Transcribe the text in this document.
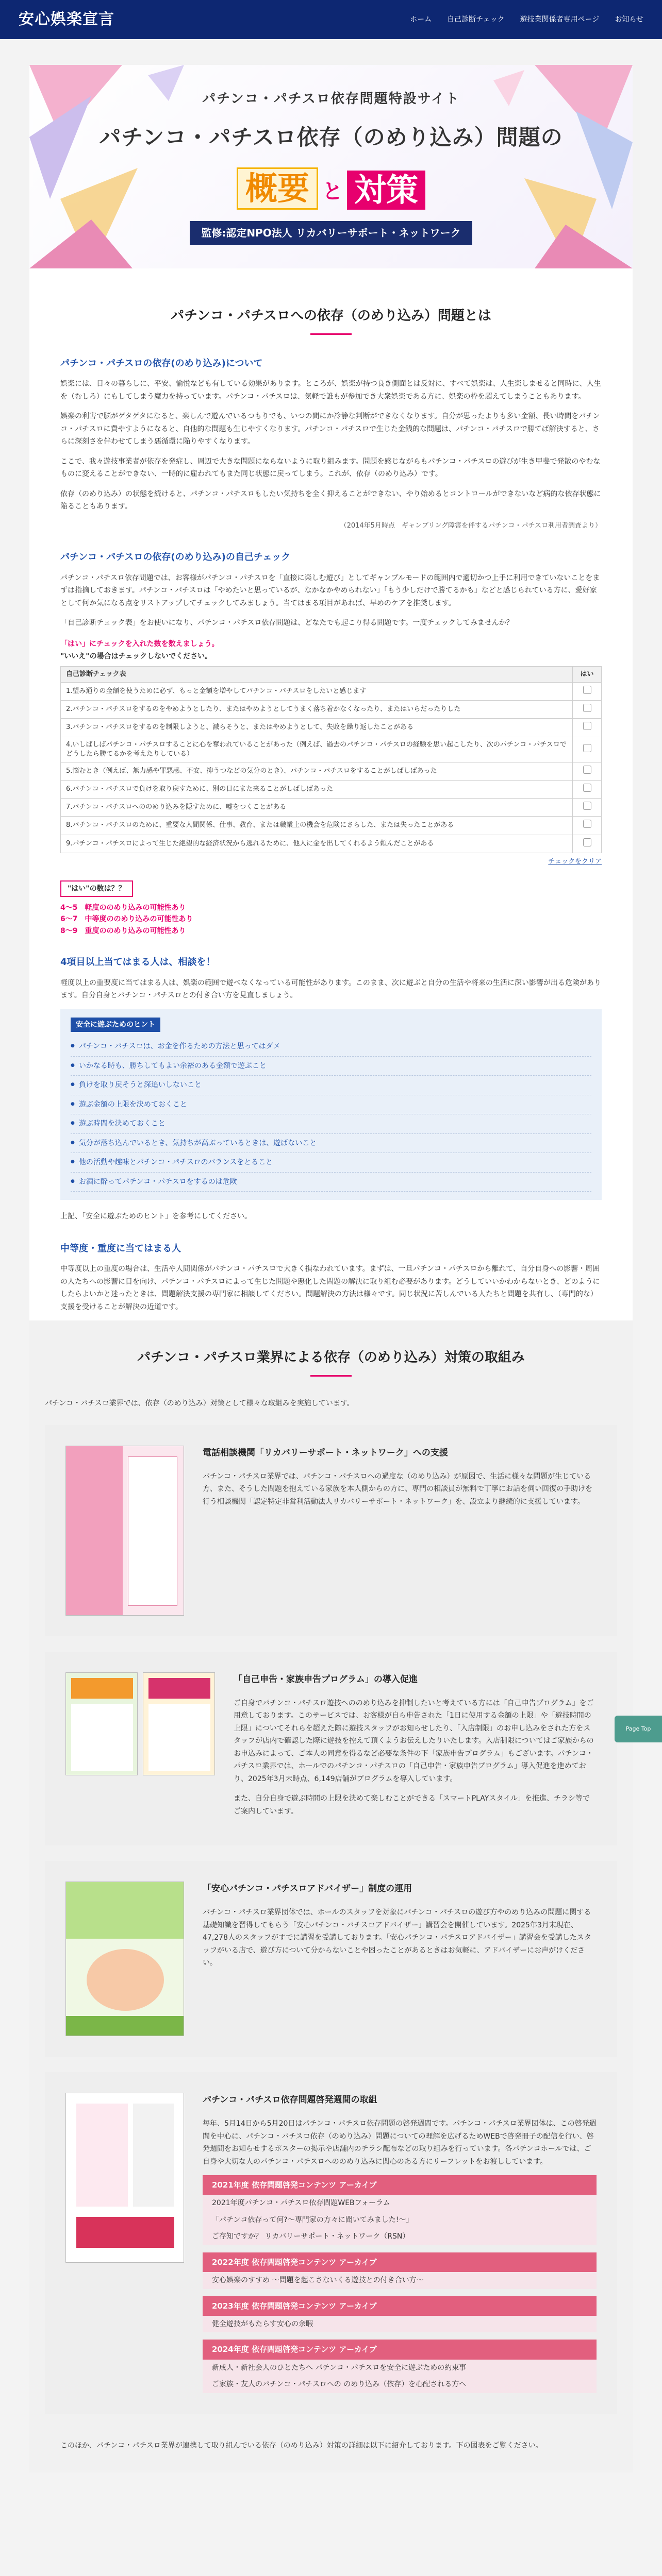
安心娯楽宣言	ホーム 自己診断チェック 遊技業関係者専用ページ お知らせ
パチンコ・パチスロ依存問題特設サイト
パチンコ・パチスロ依存（のめり込み）問題の
概要 と 対策
監修:認定NPO法人 リカバリーサポート・ネットワーク
パチンコ・パチスロへの依存（のめり込み）問題とは
パチンコ・パチスロの依存(のめり込み)について

娯楽には、日々の暮らしに、平安、愉悦なども有している効果があります。ところが、娯楽が持つ良き側面とは反対に、すべて娯楽は、人生楽しませると同時に、人生を（むしろ）にもしてしまう魔力を持っています。パチンコ・パチスロは、気軽で誰もが参加でき大衆娯楽である方に、娯楽の枠を超えてしまうこともあります。

娯楽の利害で脳がゲタゲタになると、楽しんで遊んでいるつもりでも、いつの間にか冷静な判断ができなくなります。自分が思ったよりも多い金額、長い時間をパチンコ・パチスロに費やすようになると、自他的な問題も生じやすくなります。パチンコ・パチスロで生じた金銭的な問題は、パチンコ・パチスロで勝てば解決すると、さらに深刻さを伴わせてしまう悪循環に陥りやすくなります。

ここで、我々遊技事業者が依存を発症し、周辺で大きな問題にならないように取り組みます。問題を感じながらもパチンコ・パチスロの遊びが生き甲斐で発散のやむなものに変えることができない、一時的に雇われてもまた同じ状態に戻ってしまう。これが、依存（のめり込み）です。

依存（のめり込み）の状態を続けると、パチンコ・パチスロもしたい気持ちを全く抑えることができない、やり始めるとコントロールができないなど病的な依存状態に陥ることもあります。

（2014年5月時点　ギャンブリング障害を伴するパチンコ・パチスロ利用者調査より）

パチンコ・パチスロの依存(のめり込み)の自己チェック

パチンコ・パチスロ依存問題では、お客様がパチンコ・パチスロを「直接に楽しむ遊び」としてギャンブルモードの範囲内で適切かつ上手に利用できていないことをまずは指摘しておきます。パチンコ・パチスロは「やめたいと思っているが、なかなかやめられない」「もう少しだけで勝てるかも」などと感じられている方に、愛好家として何か気になる点をリストアップしてチェックしてみましょう。当てはまる項目があれば、早めのケアを推奨します。

「自己診断チェック表」をお使いになり、パチンコ・パチスロ依存問題は、どなたでも起こり得る問題です。一度チェックしてみませんか？

「はい」にチェックを入れた数を数えましょう。
"いいえ"の場合はチェックしないでください。
自己診断チェック表	はい
1.望み通りの金額を使うために必ず、もっと金額を増やしてパチンコ・パチスロをしたいと感じます	
2.パチンコ・パチスロをするのをやめようとしたり、またはやめようとしてうまく落ち着かなくなったり、またはいらだったりした	
3.パチンコ・パチスロをするのを制限しようと、減らそうと、またはやめようとして、失敗を繰り返したことがある	
4.いしばしばパチンコ・パチスロすることに心を奪われていることがあった（例えば、過去のパチンコ・パチスロの経験を思い起こしたり、次のパチンコ・パチスロでどうしたら勝てるかを考えたりしている）	
5.悩むとき（例えば、無力感や罪悪感、不安、抑うつなどの気分のとき）、パチンコ・パチスロをすることがしばしばあった	
6.パチンコ・パチスロで負けを取り戻すために、別の日にまた来ることがしばしばあった	
7.パチンコ・パチスロへののめり込みを隠すために、嘘をつくことがある	
8.パチンコ・パチスロのために、重要な人間関係、仕事、教育、または職業上の機会を危険にさらした、または失ったことがある	
9.パチンコ・パチスロによって生じた絶望的な経済状況から逃れるために、他人に金を出してくれるよう頼んだことがある	
チェックをクリア
"はい"の数は？？
4～5　軽度ののめり込みの可能性あり
6～7　中等度ののめり込みの可能性あり
8～9　重度ののめり込みの可能性あり
4項目以上当てはまる人は、相談を！

軽度以上の重要度に当てはまる人は、娯楽の範囲で遊べなくなっている可能性があります。このまま、次に遊ぶと自分の生活や将来の生活に深い影響が出る危険があります。自分自身とパチンコ・パチスロとの付き合い方を見直しましょう。

安全に遊ぶためのヒント
● パチンコ・パチスロは、お金を作るための方法と思ってはダメ
● いかなる時も、勝ちしてもよい余裕のある金額で遊ぶこと
● 負けを取り戻そうと深追いしないこと
● 遊ぶ金額の上限を決めておくこと
● 遊ぶ時間を決めておくこと
● 気分が落ち込んでいるとき、気持ちが高ぶっているときは、遊ばないこと
● 他の活動や趣味とパチンコ・パチスロのバランスをとること
● お酒に酔ってパチンコ・パチスロをするのは危険

上記、「安全に遊ぶためのヒント」を参考にしてください。

中等度・重度に当てはまる人

中等度以上の重度の場合は、生活や人間関係がパチンコ・パチスロで大きく損なわれています。まずは、一旦パチンコ・パチスロから離れて、自分自身への影響・周囲の人たちへの影響に目を向け、パチンコ・パチスロによって生じた問題や悪化した問題の解決に取り組む必要があります。どうしていいかわからないとき、どのようにしたらよいかと迷ったときは、問題解決支援の専門家に相談してください。問題解決の方法は様々です。同じ状況に苦しんでいる人たちと問題を共有し、（専門的な）支援を受けることが解決の近道です。

パチンコ・パチスロ業界による依存（のめり込み）対策の取組み

パチンコ・パチスロ業界では、依存（のめり込み）対策として様々な取組みを実施しています。

電話相談機関「リカバリーサポート・ネットワーク」への支援

パチンコ・パチスロ業界では、パチンコ・パチスロへの過度な（のめり込み）が原因で、生活に様々な問題が生じている方、また、そうした問題を抱えている家族を本人側からの方に、専門の相談員が無料で丁寧にお話を伺い回復の手助けを行う相談機関「認定特定非営利活動法人リカバリーサポート・ネットワーク」を、設立より継続的に支援しています。

「自己申告・家族申告プログラム」の導入促進

ご自身でパチンコ・パチスロ遊技へののめり込みを抑制したいと考えている方には「自己申告プログラム」をご用意しております。このサービスでは、お客様が自ら申告された「1日に使用する金額の上限」や「遊技時間の上限」についてそれらを超えた際に遊技スタッフがお知らせしたり、「入店制限」のお申し込みをされた方をスタッフが店内で確認した際に遊技を控えて頂くようお伝えしたりいたします。入店制限についてはご家族からのお申込みによって、ご本人の同意を得るなど必要な条件の下「家族申告プログラム」もございます。パチンコ・パチスロ業界では、ホールでのパチンコ・パチスロの「自己申告・家族申告プログラム」導入促進を進めており、2025年3月末時点、6,149店舗がプログラムを導入しています。

また、自分自身で遊ぶ時間の上限を決めて楽しむことができる「スマートPLAYスタイル」を推進、チラシ等でご案内しています。

「安心パチンコ・パチスロアドバイザー」制度の運用

パチンコ・パチスロ業界団体では、ホールのスタッフを対象にパチンコ・パチスロの遊び方やのめり込みの問題に関する基礎知識を習得してもらう「安心パチンコ・パチスロアドバイザー」講習会を開催しています。2025年3月末現在、47,278人のスタッフがすでに講習を受講しております。「安心パチンコ・パチスロアドバイザー」講習会を受講したスタッフがいる店で、遊び方について分からないことや困ったことがあるときはお気軽に、アドバイザーにお声がけください。

パチンコ・パチスロ依存問題啓発週間の取組

毎年、5月14日から5月20日はパチンコ・パチスロ依存問題の啓発週間です。パチンコ・パチスロ業界団体は、この啓発週間を中心に、パチンコ・パチスロ依存（のめり込み）問題についての理解を広げるためWEBで啓発冊子の配信を行い、啓発週間をお知らせするポスターの掲示や店舗内のチラシ配布などの取り組みを行っています。各パチンコホールでは、ご自身や大切な人のパチンコ・パチスロへののめり込みに関心のある方にリーフレットをお渡ししています。

2021年度 依存問題啓発コンテンツ アーカイブ
2021年度パチンコ・パチスロ依存問題WEBフォーラム
「パチンコ依存って何?～専門家の方々に聞いてみました!～」
ご存知ですか？ リカバリーサポート・ネットワーク（RSN）
2022年度 依存問題啓発コンテンツ アーカイブ
安心娯楽のすすめ 〜問題を起こさないくる遊技との付き合い方〜
2023年度 依存問題啓発コンテンツ アーカイブ
健全遊技がもたらす安心の余暇
2024年度 依存問題啓発コンテンツ アーカイブ
新成人・新社会人のひとたちへ パチンコ・パチスロを安全に遊ぶための約束事
ご家族・友人のパチンコ・パチスロへの のめり込み（依存）を心配される方へ
このほか、パチンコ・パチスロ業界が連携して取り組んでいる依存（のめり込み）対策の詳細は以下に紹介しております。下の図表をご覧ください。
Page Top
